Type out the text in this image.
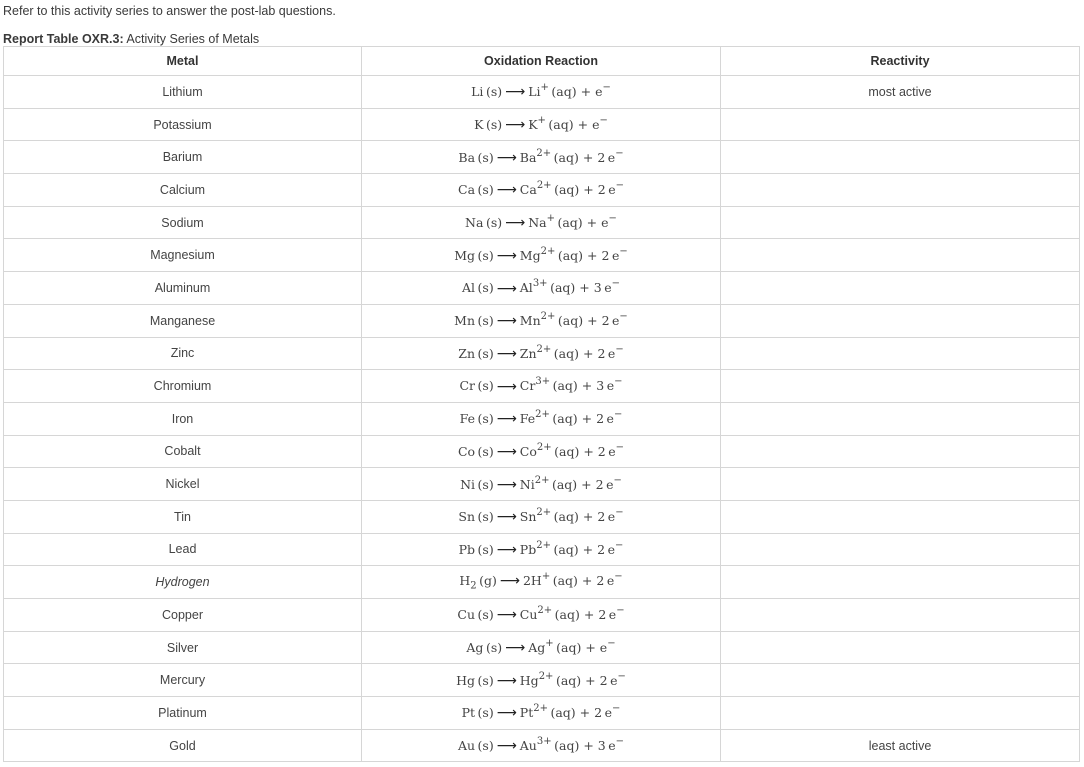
Refer to this activity series to answer the post-lab questions.
Report Table OXR.3: Activity Series of Metals
Metal	Oxidation Reaction	Reactivity
Lithium	Li  (s) ⟶ Li+  (aq) + e−	most active
Potassium	K  (s) ⟶ K+  (aq) + e−	
Barium	Ba  (s) ⟶ $Ba^{2+}$  (aq) + 2  e−	
Calcium	Ca  (s) ⟶ $Ca^{2+}$  (aq) + 2  e−	
Sodium	Na  (s) ⟶ Na+  (aq) + e−	
Magnesium	Mg  (s) ⟶ $Mg^{2+}$  (aq) + 2  e−	
Aluminum	Al  (s) ⟶ $Al^{3+}$  (aq) + 3  e−	
Manganese	Mn  (s) ⟶ $Mn^{2+}$  (aq) + 2  e−	
Zinc	Zn  (s) ⟶ $Zn^{2+}$  (aq) + 2  e−	
Chromium	Cr  (s) ⟶ $Cr^{3+}$  (aq) + 3  e−	
Iron	Fe  (s) ⟶ $Fe^{2+}$  (aq) + 2  e−	
Cobalt	Co  (s) ⟶ $Co^{2+}$  (aq) + 2  e−	
Nickel	Ni  (s) ⟶ $Ni^{2+}$  (aq) + 2  e−	
Tin	Sn  (s) ⟶ $Sn^{2+}$  (aq) + 2  e−	
Lead	Pb  (s) ⟶ $Pb^{2+}$  (aq) + 2  e−	
Hydrogen	$H_2$  (g) ⟶ 2H+  (aq) + 2  e−	
Copper	Cu  (s) ⟶ $Cu^{2+}$  (aq) + 2  e−	
Silver	Ag  (s) ⟶ Ag+  (aq) + e−	
Mercury	Hg  (s) ⟶ $Hg^{2+}$  (aq) + 2  e−	
Platinum	Pt  (s) ⟶ $Pt^{2+}$  (aq) + 2  e−	
Gold	Au  (s) ⟶ $Au^{3+}$  (aq) + 3  e−	least active
